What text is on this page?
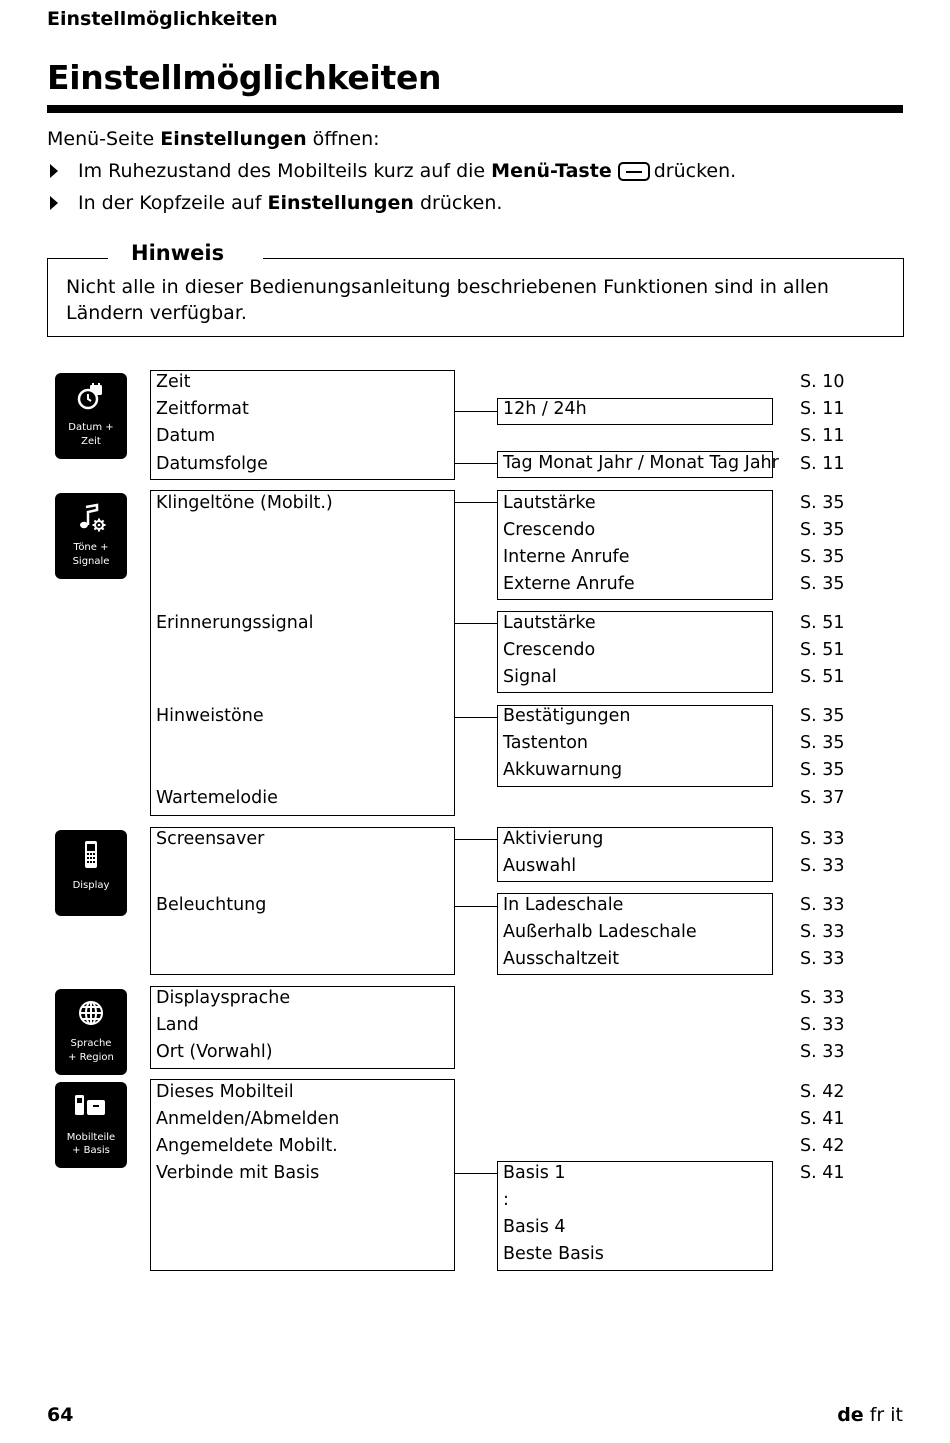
Einstellmöglichkeiten
Einstellmöglichkeiten
Menü-Seite Einstellungen öffnen:
Im Ruhezustand des Mobilteils kurz auf die Menü-Taste drücken.
In der Kopfzeile auf Einstellungen drücken.
Hinweis
Nicht alle in dieser Bedienungsanleitung beschriebenen Funktionen sind in allen Ländern verfügbar.
Datum +
Zeit
Zeit
Zeitformat
Datum
Datumsfolge
12h / 24h
Tag Monat Jahr / Monat Tag Jahr
S. 10
S. 11
S. 11
S. 11
Töne +
Signale
Klingeltöne (Mobilt.)
Erinnerungssignal
Hinweistöne
Wartemelodie
Lautstärke
Crescendo
Interne Anrufe
Externe Anrufe
Lautstärke
Crescendo
Signal
Bestätigungen
Tastenton
Akkuwarnung
S. 35
S. 35
S. 35
S. 35
S. 51
S. 51
S. 51
S. 35
S. 35
S. 35
S. 37
Display
Screensaver
Beleuchtung
Aktivierung
Auswahl
In Ladeschale
Außerhalb Ladeschale
Ausschaltzeit
S. 33
S. 33
S. 33
S. 33
S. 33
Sprache
+ Region
Displaysprache
Land
Ort (Vorwahl)
S. 33
S. 33
S. 33
Mobilteile
+ Basis
Dieses Mobilteil
Anmelden/Abmelden
Angemeldete Mobilt.
Verbinde mit Basis	Basis 1
:
Basis 4
Beste Basis
S. 42
S. 41
S. 42
S. 41
64	de fr it
